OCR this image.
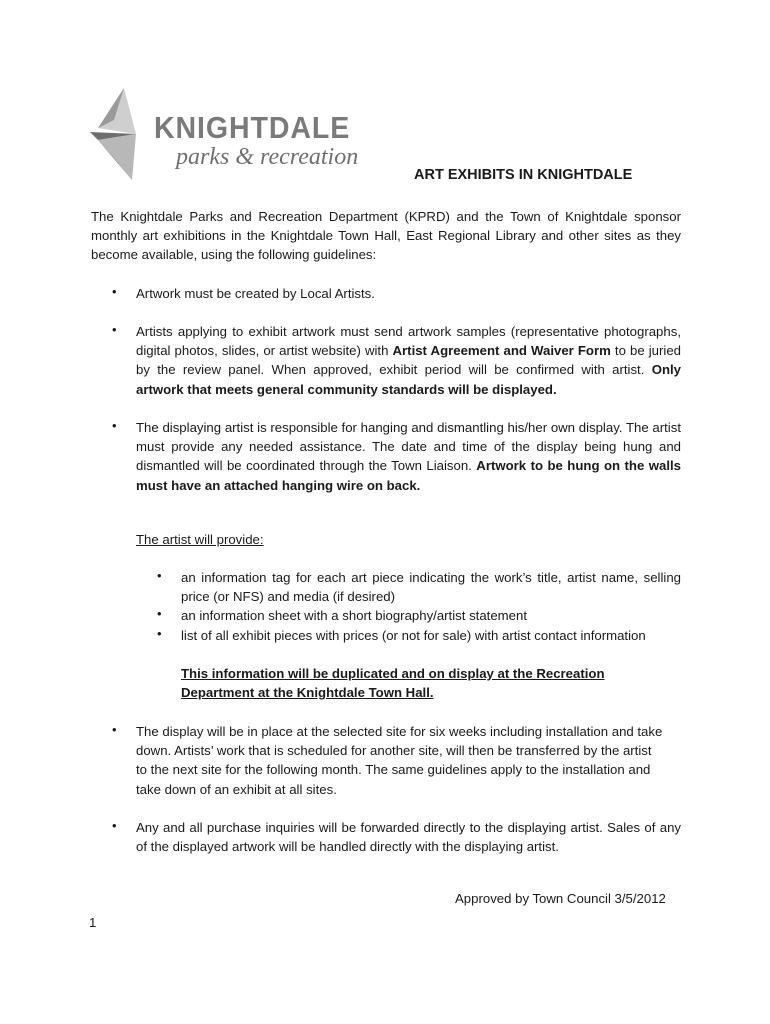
KNIGHTDALE
parks & recreation
ART EXHIBITS IN KNIGHTDALE
The Knightdale Parks and Recreation Department (KPRD) and the Town of Knightdale sponsor monthly art exhibitions in the Knightdale Town Hall, East Regional Library and other sites as they become available, using the following guidelines:
• Artwork must be created by Local Artists.
• Artists applying to exhibit artwork must send artwork samples (representative photographs, digital photos, slides, or artist website) with Artist Agreement and Waiver Form to be juried by the review panel. When approved, exhibit period will be confirmed with artist. Only artwork that meets general community standards will be displayed.
• The displaying artist is responsible for hanging and dismantling his/her own display. The artist must provide any needed assistance. The date and time of the display being hung and dismantled will be coordinated through the Town Liaison. Artwork to be hung on the walls must have an attached hanging wire on back.
The artist will provide:
• an information tag for each art piece indicating the work’s title, artist name, selling price (or NFS) and media (if desired)
• an information sheet with a short biography/artist statement
• list of all exhibit pieces with prices (or not for sale) with artist contact information
This information will be duplicated and on display at the Recreation Department at the Knightdale Town Hall.
• The display will be in place at the selected site for six weeks including installation and take down. Artists’ work that is scheduled for another site, will then be transferred by the artist to the next site for the following month. The same guidelines apply to the installation and take down of an exhibit at all sites.
• Any and all purchase inquiries will be forwarded directly to the displaying artist. Sales of any of the displayed artwork will be handled directly with the displaying artist.
Approved by Town Council 3/5/2012
1
